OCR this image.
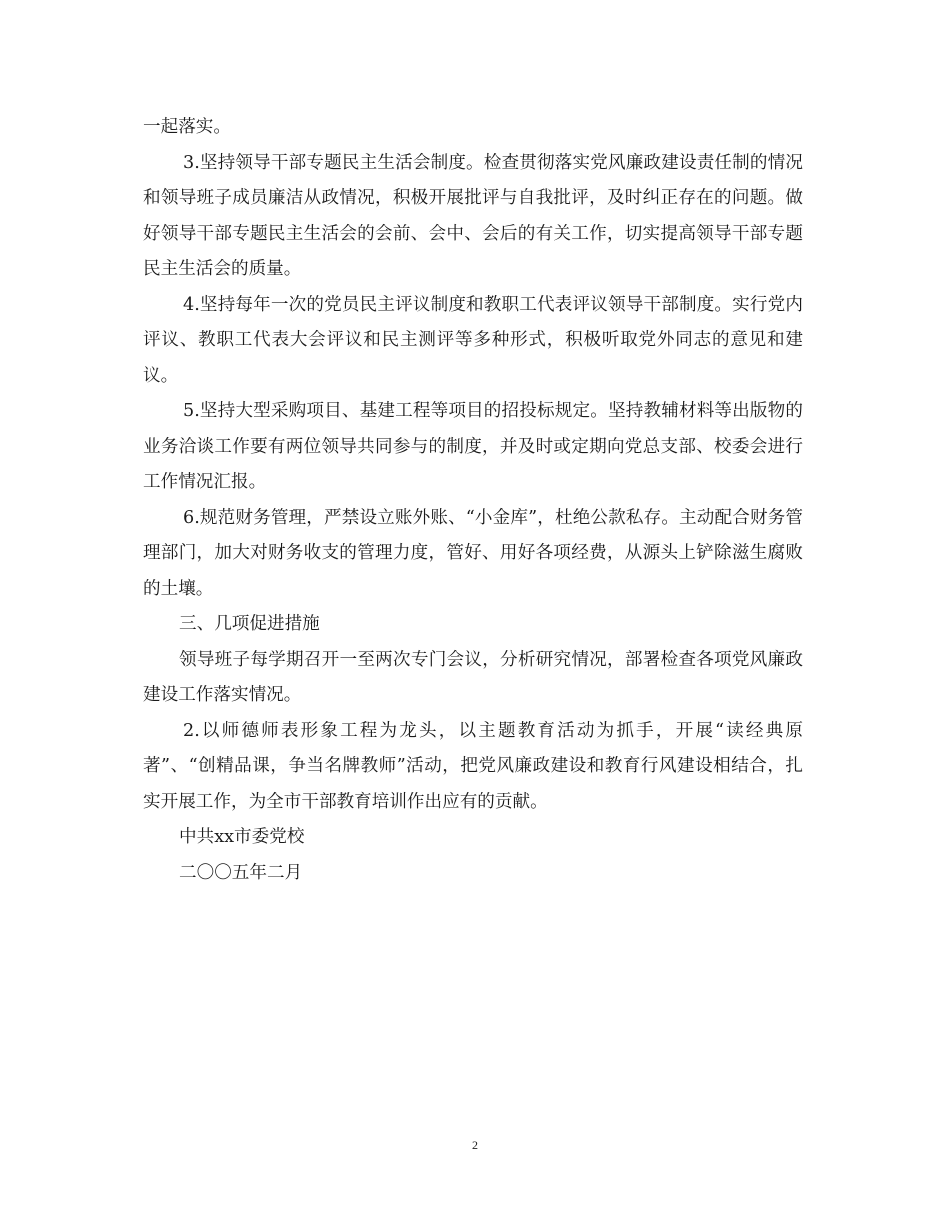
一起落实。

3.坚持领导干部专题民主生活会制度。检查贯彻落实党风廉政建设责任制的情况和领导班子成员廉洁从政情况，积极开展批评与自我批评，及时纠正存在的问题。做好领导干部专题民主生活会的会前、会中、会后的有关工作，切实提高领导干部专题民主生活会的质量。

4.坚持每年一次的党员民主评议制度和教职工代表评议领导干部制度。实行党内评议、教职工代表大会评议和民主测评等多种形式，积极听取党外同志的意见和建议。

5.坚持大型采购项目、基建工程等项目的招投标规定。坚持教辅材料等出版物的业务洽谈工作要有两位领导共同参与的制度，并及时或定期向党总支部、校委会进行工作情况汇报。

6.规范财务管理，严禁设立账外账、“小金库”，杜绝公款私存。主动配合财务管理部门，加大对财务收支的管理力度，管好、用好各项经费，从源头上铲除滋生腐败的土壤。

三、几项促进措施

领导班子每学期召开一至两次专门会议，分析研究情况，部署检查各项党风廉政建设工作落实情况。

2.以师德师表形象工程为龙头，以主题教育活动为抓手，开展“读经典原著”、“创精品课，争当名牌教师”活动，把党风廉政建设和教育行风建设相结合，扎实开展工作，为全市干部教育培训作出应有的贡献。

中共xx市委党校

二〇〇五年二月

2
